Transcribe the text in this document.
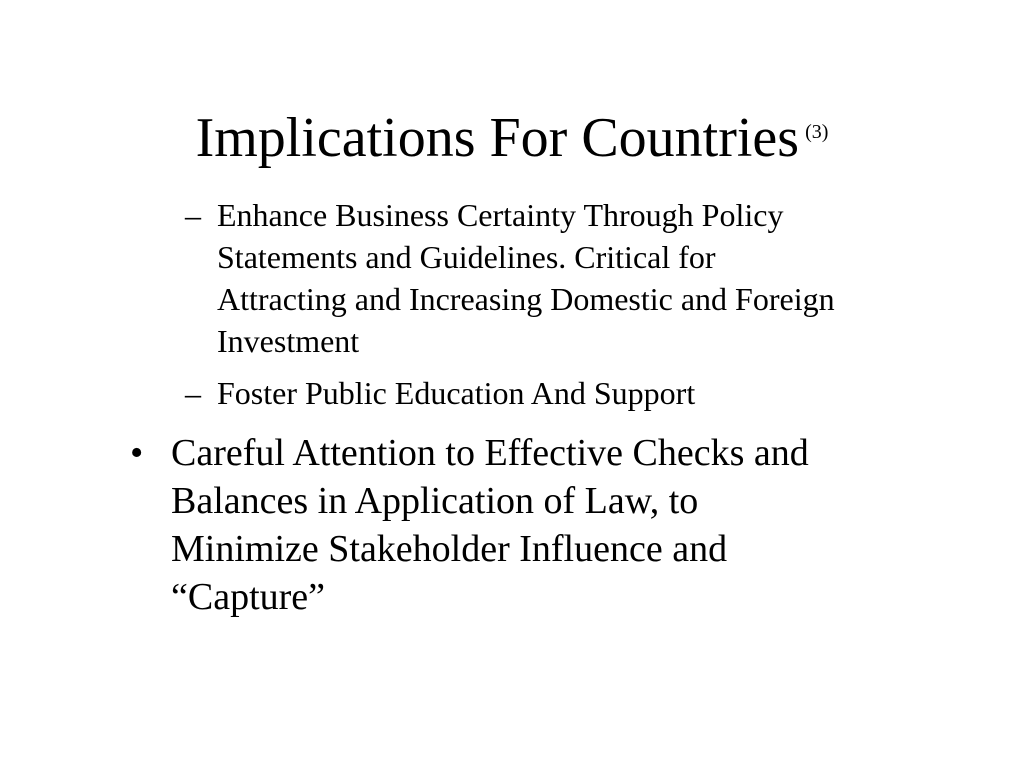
Implications For Countries $^{(3)}$
– Enhance Business Certainty Through Policy
Statements and Guidelines. Critical for
Attracting and Increasing Domestic and Foreign
Investment
– Foster Public Education And Support
• Careful Attention to Effective Checks and
Balances in Application of Law, to
Minimize Stakeholder Influence and
“Capture”
